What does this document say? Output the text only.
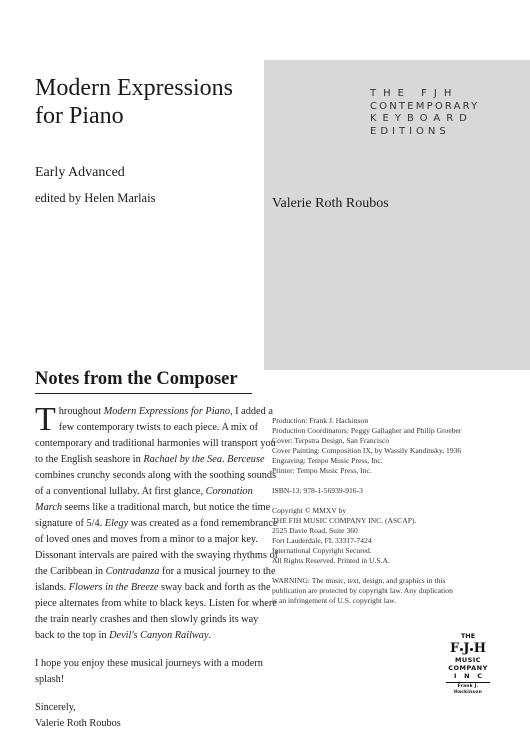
Modern Expressions
for Piano
Early Advanced
edited by Helen Marlais
THE FJH
CONTEMPORARY
KEYBOARD
EDITIONS
Valerie Roth Roubos
Notes from the Composer

Throughout Modern Expressions for Piano, I added a few contemporary twists to each piece. A mix of contemporary and traditional harmonies will transport you to the English seashore in Rachael by the Sea. Berceuse combines crunchy seconds along with the soothing sounds of a conventional lullaby. At first glance, Coronation March seems like a traditional march, but notice the time signature of 5/4. Elegy was created as a fond remembrance of loved ones and moves from a minor to a major key. Dissonant intervals are paired with the swaying rhythms of the Caribbean in Contradanza for a musical journey to the islands. Flowers in the Breeze sway back and forth as the piece alternates from white to black keys. Listen for where the train nearly crashes and then slowly grinds its way back to the top in Devil's Canyon Railway.

I hope you enjoy these musical journeys with a modern splash!

Sincerely,
Valerie Roth Roubos

Production: Frank J. Hackinson
Production Coordinators: Peggy Gallagher and Philip Groeber
Cover: Terpstra Design, San Francisco
Cover Painting: Composition IX, by Wassily Kandinsky, 1936
Engraving: Tempo Music Press, Inc.
Printer: Tempo Music Press, Inc.
ISBN-13: 978-1-56939-916-3
Copyright © MMXV by
THE FJH MUSIC COMPANY INC. (ASCAP).
2525 Davie Road, Suite 360
Fort Lauderdale, FL 33317-7424
International Copyright Secured.
All Rights Reserved. Printed in U.S.A.
WARNING: The music, text, design, and graphics in this
publication are protected by copyright law. Any duplication
is an infringement of U.S. copyright law.
THE
F J H
MUSIC
COMPANY
I N C
Frank J. Hackinson
